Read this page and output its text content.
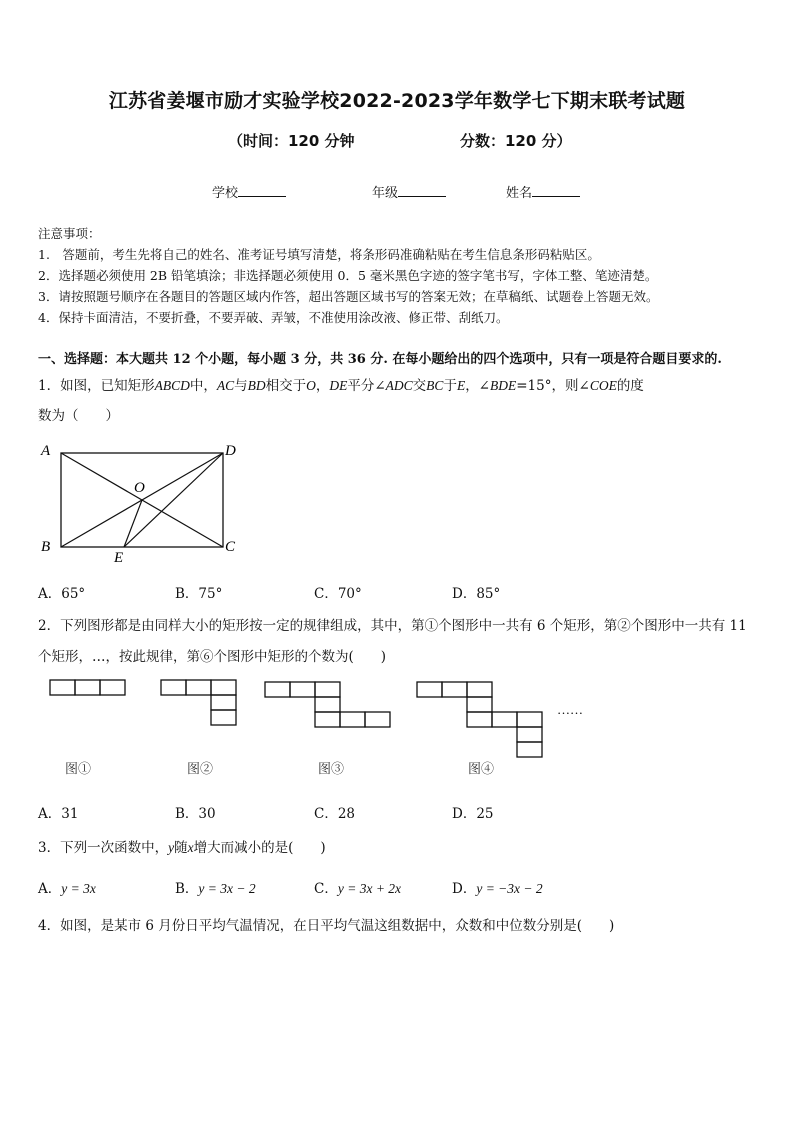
江苏省姜堰市励才实验学校2022-2023学年数学七下期末联考试题
（时间：120 分钟	分数：120 分）
学校	年级	姓名
注意事项：
1.　答题前，考生先将自己的姓名、准考证号填写清楚，将条形码准确粘贴在考生信息条形码粘贴区。
2．选择题必须使用 2B 铅笔填涂；非选择题必须使用 0．5 毫米黑色字迹的签字笔书写，字体工整、笔迹清楚。
3．请按照题号顺序在各题目的答题区域内作答，超出答题区域书写的答案无效；在草稿纸、试题卷上答题无效。
4．保持卡面清洁，不要折叠，不要弄破、弄皱，不准使用涂改液、修正带、刮纸刀。
一、选择题：本大题共 12 个小题，每小题 3 分，共 36 分. 在每小题给出的四个选项中，只有一项是符合题目要求的.
1．如图，已知矩形ABCD中，AC与BD相交于O，DE平分∠ADC交BC于E，∠BDE=15°，则∠COE的度
数为（　　）
A	D
B	C
O
E
A．65°	B．75°	C．70°	D．85°
2．下列图形都是由同样大小的矩形按一定的规律组成，其中，第①个图形中一共有 6 个矩形，第②个图形中一共有 11
个矩形，…，按此规律，第⑥个图形中矩形的个数为(　　)
……
图①	图②	图③	图④
A．31	B．30	C．28	D．25
3．下列一次函数中，y随x增大而减小的是(　　)
A．y = 3x	B．y = 3x − 2	C．y = 3x + 2x	D．y = −3x − 2
4．如图，是某市 6 月份日平均气温情况，在日平均气温这组数据中，众数和中位数分别是(　　)
